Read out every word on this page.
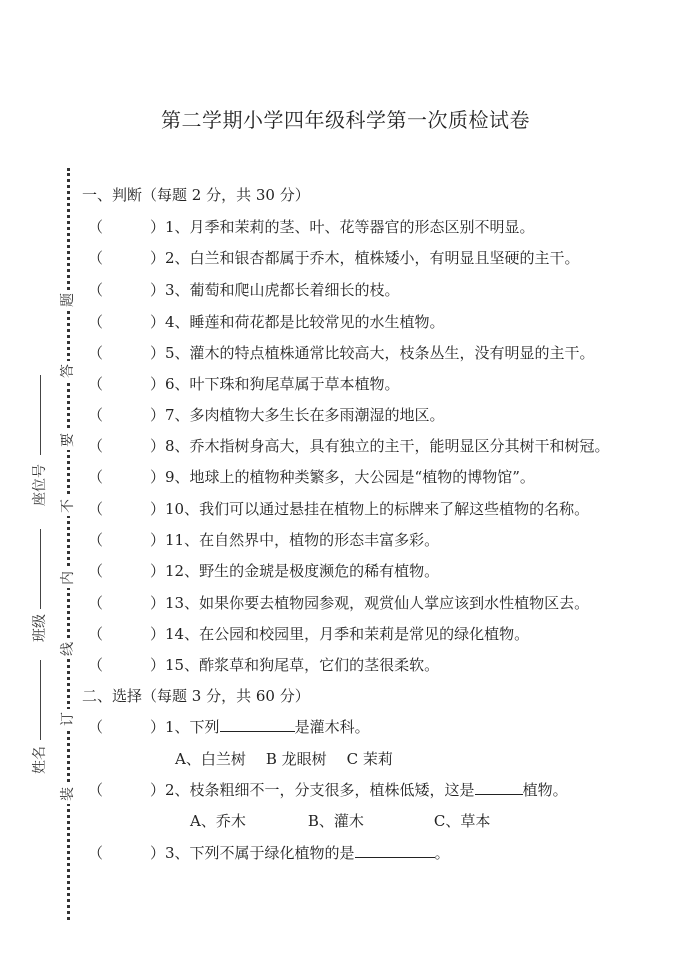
第二学期小学四年级科学第一次质检试卷
题
答
要
不
内
线
订
装
座位号
班级
姓名
一、判断（每题 2 分，共 30 分）
（	）1、月季和茉莉的茎、叶、花等器官的形态区别不明显。
（	）2、白兰和银杏都属于乔木，植株矮小，有明显且坚硬的主干。
（	）3、葡萄和爬山虎都长着细长的枝。
（	）4、睡莲和荷花都是比较常见的水生植物。
（	）5、灌木的特点植株通常比较高大，枝条丛生，没有明显的主干。
（	）6、叶下珠和狗尾草属于草本植物。
（	）7、多肉植物大多生长在多雨潮湿的地区。
（	）8、乔木指树身高大，具有独立的主干，能明显区分其树干和树冠。
（	）9、地球上的植物种类繁多，大公园是“植物的博物馆”。
（	）10、我们可以通过悬挂在植物上的标牌来了解这些植物的名称。
（	）11、在自然界中，植物的形态丰富多彩。
（	）12、野生的金琥是极度濒危的稀有植物。
（	）13、如果你要去植物园参观，观赏仙人掌应该到水性植物区去。
（	）14、在公园和校园里，月季和茉莉是常见的绿化植物。
（	）15、酢浆草和狗尾草，它们的茎很柔软。
二、选择（每题 3 分，共 60 分）
（	）1、下列	是灌木科。
A、白兰树 B 龙眼树 C 茉莉
（	）2、枝条粗细不一，分支很多，植株低矮，这是	植物。
A、乔木	B、灌木	C、草本
（	）3、下列不属于绿化植物的是	。
